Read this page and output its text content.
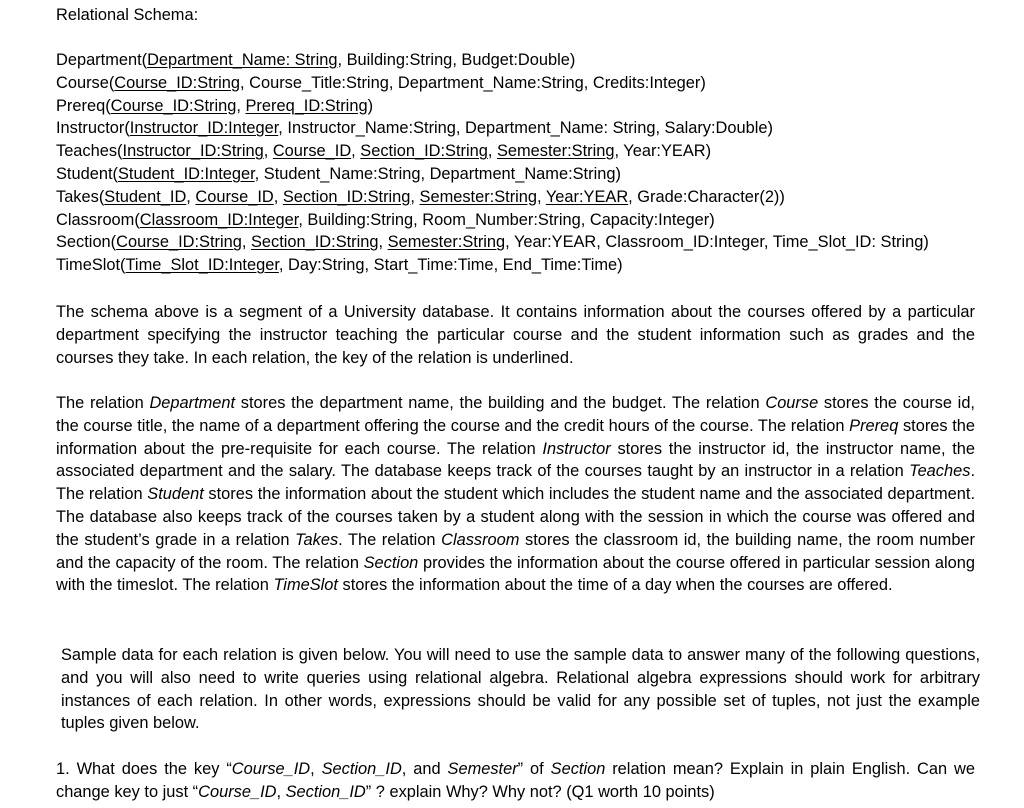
Relational Schema:
Department(Department_Name: String, Building:String, Budget:Double)
Course(Course_ID:String, Course_Title:String, Department_Name:String, Credits:Integer)
Prereq(Course_ID:String, Prereq_ID:String)
Instructor(Instructor_ID:Integer, Instructor_Name:String, Department_Name: String, Salary:Double)
Teaches(Instructor_ID:String, Course_ID, Section_ID:String, Semester:String, Year:YEAR)
Student(Student_ID:Integer, Student_Name:String, Department_Name:String)
Takes(Student_ID, Course_ID, Section_ID:String, Semester:String, Year:YEAR, Grade:Character(2))
Classroom(Classroom_ID:Integer, Building:String, Room_Number:String, Capacity:Integer)
Section(Course_ID:String, Section_ID:String, Semester:String, Year:YEAR, Classroom_ID:Integer, Time_Slot_ID: String)
TimeSlot(Time_Slot_ID:Integer, Day:String, Start_Time:Time, End_Time:Time)

The schema above is a segment of a University database. It contains information about the courses offered by a particular department specifying the instructor teaching the particular course and the student information such as grades and the courses they take. In each relation, the key of the relation is underlined.

The relation Department stores the department name, the building and the budget. The relation Course stores the course id, the course title, the name of a department offering the course and the credit hours of the course. The relation Prereq stores the information about the pre-requisite for each course. The relation Instructor stores the instructor id, the instructor name, the associated department and the salary. The database keeps track of the courses taught by an instructor in a relation Teaches. The relation Student stores the information about the student which includes the student name and the associated department. The database also keeps track of the courses taken by a student along with the session in which the course was offered and the student’s grade in a relation Takes. The relation Classroom stores the classroom id, the building name, the room number and the capacity of the room. The relation Section provides the information about the course offered in particular session along with the timeslot. The relation TimeSlot stores the information about the time of a day when the courses are offered.

Sample data for each relation is given below. You will need to use the sample data to answer many of the following questions, and you will also need to write queries using relational algebra. Relational algebra expressions should work for arbitrary instances of each relation. In other words, expressions should be valid for any possible set of tuples, not just the example tuples given below.

1. What does the key “Course_ID, Section_ID, and Semester” of Section relation mean? Explain in plain English. Can we change key to just “Course_ID, Section_ID” ? explain Why? Why not? (Q1 worth 10 points)
